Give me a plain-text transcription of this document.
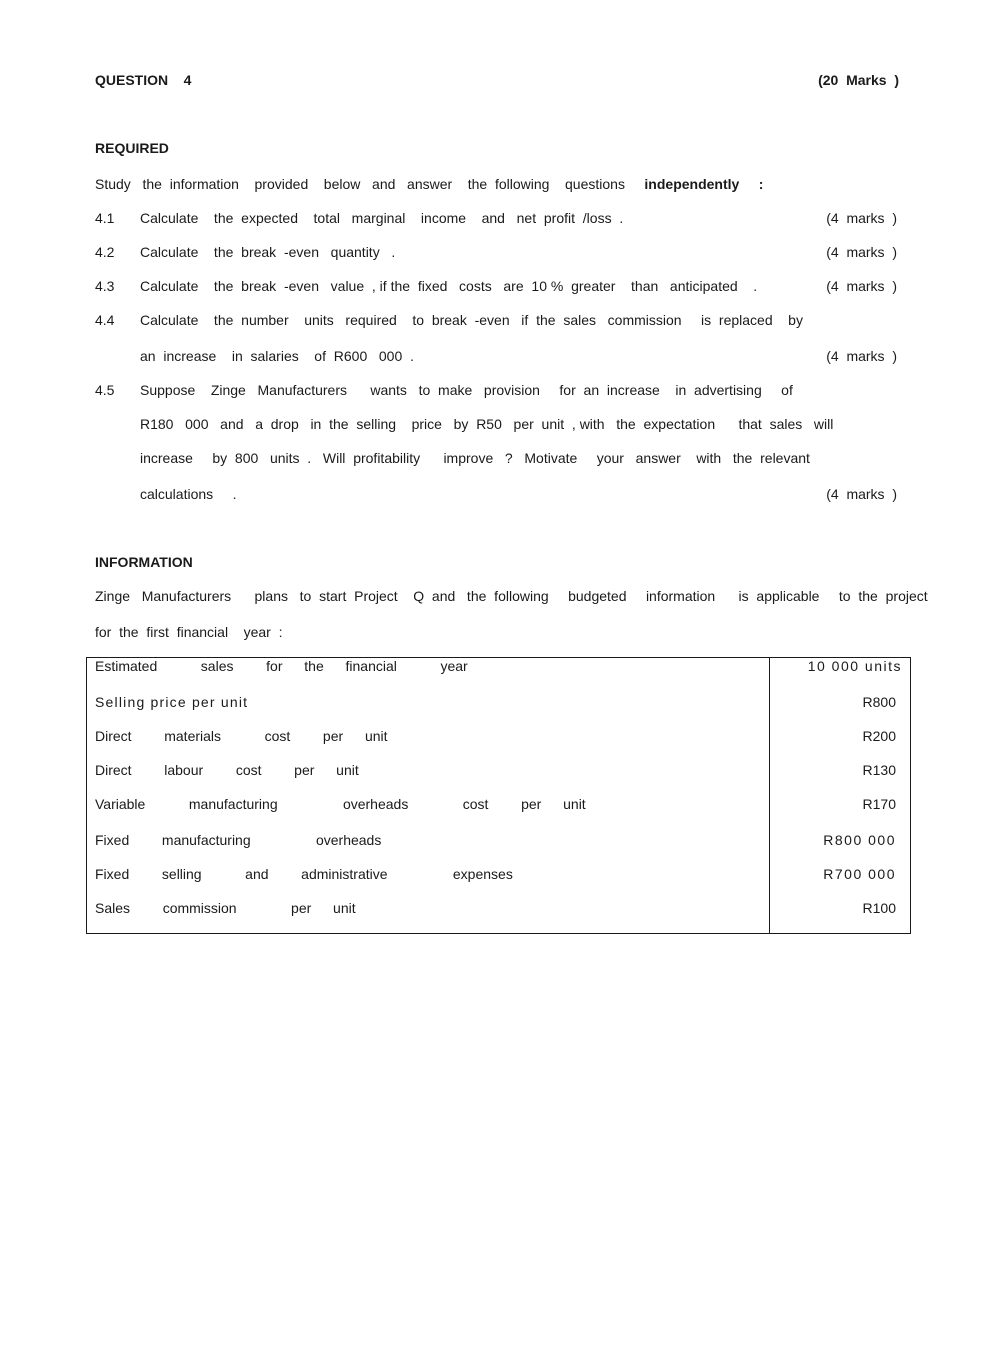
QUESTION    4	(20  Marks  )
REQUIRED
Study   the  information    provided    below   and   answer    the  following    questions independently     :
4.1 Calculate    the  expected    total   marginal    income    and   net  profit  /loss  .	(4  marks  )
4.2 Calculate    the  break  -even   quantity   .	(4  marks  )
4.3 Calculate    the  break  -even   value  , if the  fixed   costs   are  10 %  greater    than   anticipated    .	(4  marks  )
4.4 Calculate    the  number    units   required    to  break  -even   if  the  sales   commission     is  replaced    by
an  increase    in  salaries    of  R600   000  .	(4  marks  )
4.5 Suppose    Zinge   Manufacturers      wants   to  make   provision     for  an  increase    in  advertising     of
R180   000   and   a  drop   in  the  selling    price   by  R50   per  unit  , with   the  expectation      that  sales   will
increase     by  800   units  .   Will  profitability      improve   ?   Motivate     your   answer    with   the  relevant
calculations     .	(4  marks  )
INFORMATION
Zinge   Manufacturers      plans   to  start  Project    Q  and   the  following     budgeted     information      is  applicable     to  the  project
for  the  first  financial    year  :
Estimated    sales   for  the  financial    year	10 000 units
Selling price per unit	R800
Direct   materials    cost   per  unit	R200
Direct   labour   cost   per  unit	R130
Variable    manufacturing      overheads     cost   per  unit	R170
Fixed   manufacturing      overheads	R800 000
Fixed   selling    and   administrative      expenses	R700 000
Sales   commission     per  unit	R100
